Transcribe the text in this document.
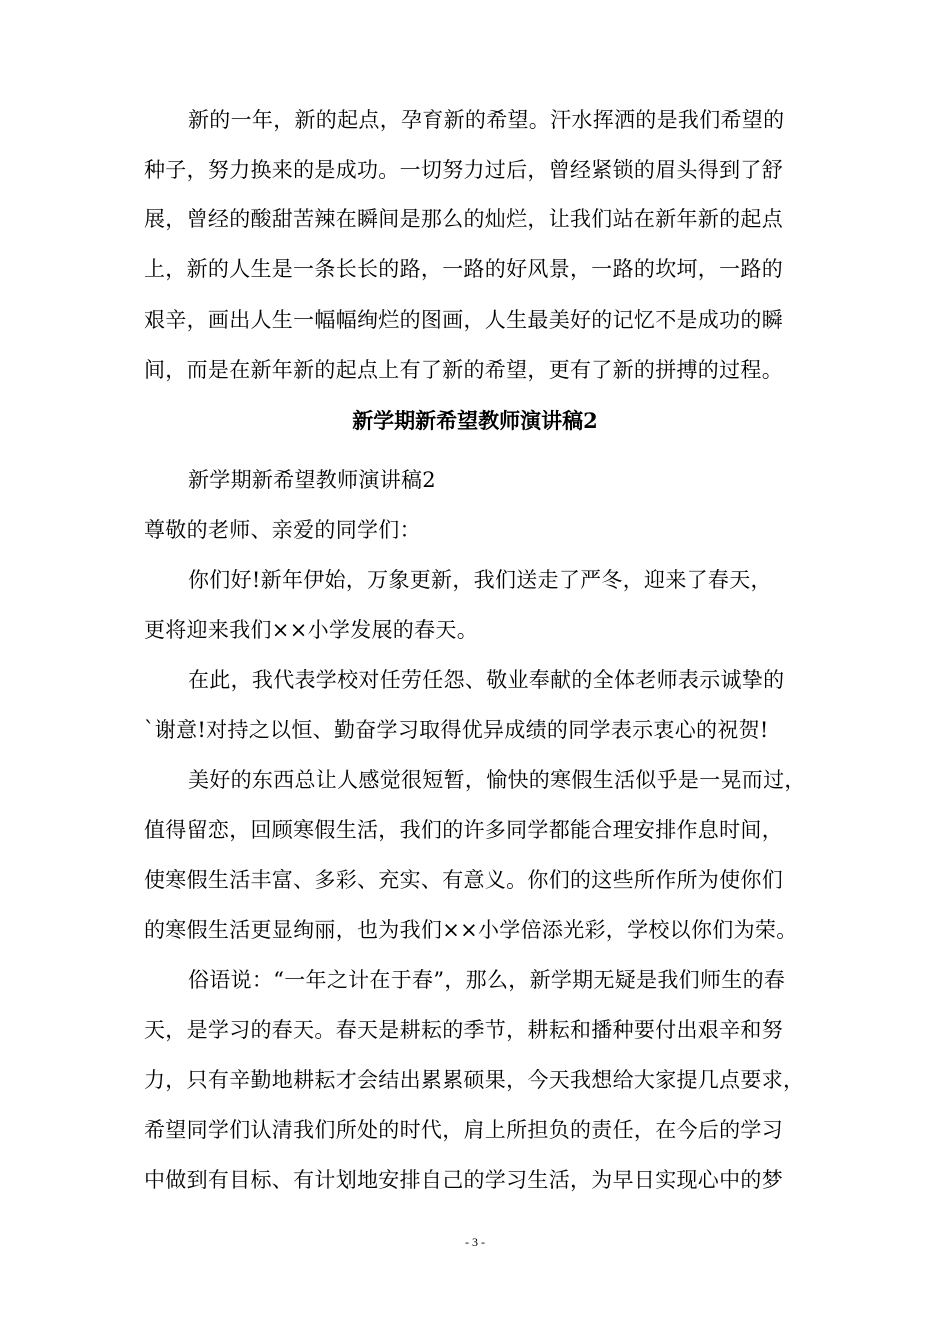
新的一年，新的起点，孕育新的希望。汗水挥洒的是我们希望的
种子，努力换来的是成功。一切努力过后，曾经紧锁的眉头得到了舒
展，曾经的酸甜苦辣在瞬间是那么的灿烂，让我们站在新年新的起点
上，新的人生是一条长长的路，一路的好风景，一路的坎坷，一路的
艰辛，画出人生一幅幅绚烂的图画，人生最美好的记忆不是成功的瞬
间，而是在新年新的起点上有了新的希望，更有了新的拼搏的过程。
新学期新希望教师演讲稿2
新学期新希望教师演讲稿2
尊敬的老师、亲爱的同学们：
你们好!新年伊始，万象更新，我们送走了严冬，迎来了春天，
更将迎来我们××小学发展的春天。
在此，我代表学校对任劳任怨、敬业奉献的全体老师表示诚挚的
`谢意!对持之以恒、勤奋学习取得优异成绩的同学表示衷心的祝贺!
美好的东西总让人感觉很短暂，愉快的寒假生活似乎是一晃而过，
值得留恋，回顾寒假生活，我们的许多同学都能合理安排作息时间，
使寒假生活丰富、多彩、充实、有意义。你们的这些所作所为使你们
的寒假生活更显绚丽，也为我们××小学倍添光彩，学校以你们为荣。
俗语说：“一年之计在于春”，那么，新学期无疑是我们师生的春
天，是学习的春天。春天是耕耘的季节，耕耘和播种要付出艰辛和努
力，只有辛勤地耕耘才会结出累累硕果，今天我想给大家提几点要求，
希望同学们认清我们所处的时代，肩上所担负的责任，在今后的学习
中做到有目标、有计划地安排自己的学习生活，为早日实现心中的梦
- 3 -
